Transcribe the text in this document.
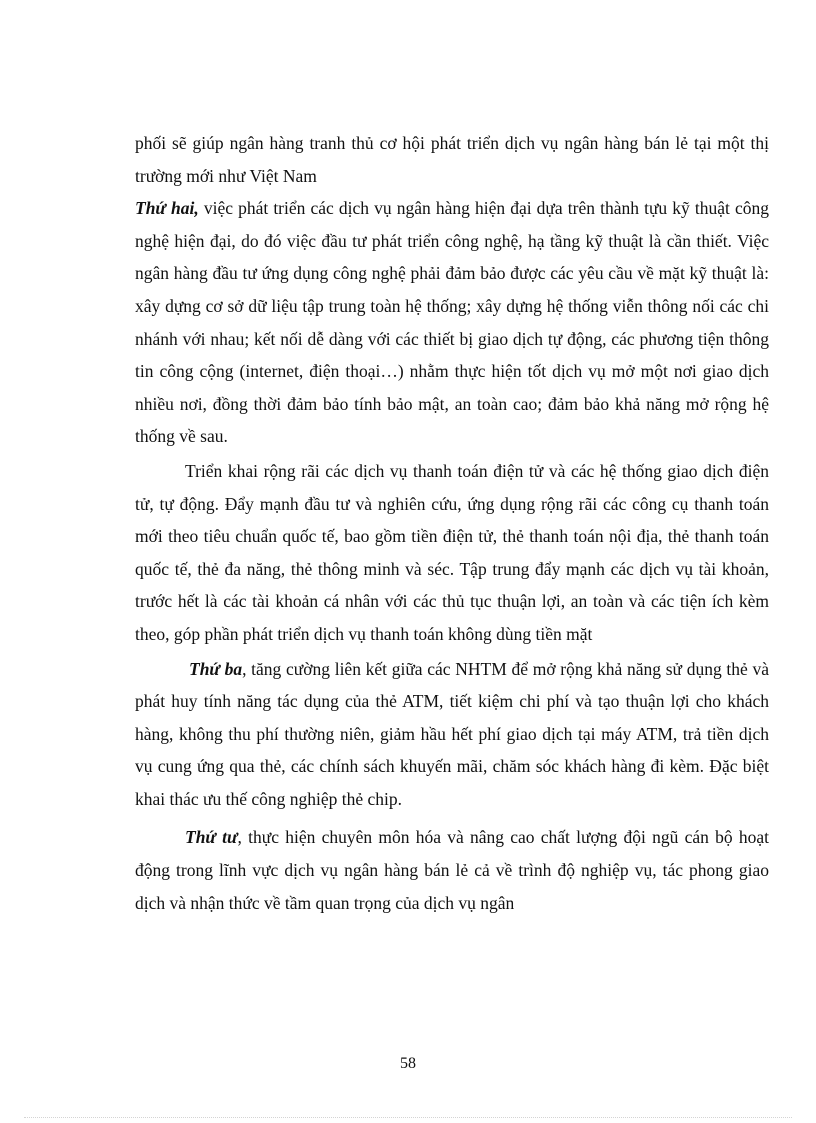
phối sẽ giúp ngân hàng tranh thủ cơ hội phát triển dịch vụ ngân hàng bán lẻ tại một thị trường mới như Việt Nam

Thứ hai, việc phát triển các dịch vụ ngân hàng hiện đại dựa trên thành tựu kỹ thuật công nghệ hiện đại, do đó việc đầu tư phát triển công nghệ, hạ tầng kỹ thuật là cần thiết. Việc ngân hàng đầu tư ứng dụng công nghệ phải đảm bảo được các yêu cầu về mặt kỹ thuật là: xây dựng cơ sở dữ liệu tập trung toàn hệ thống; xây dựng hệ thống viễn thông nối các chi nhánh với nhau; kết nối dễ dàng với các thiết bị giao dịch tự động, các phương tiện thông tin công cộng (internet, điện thoại…) nhằm thực hiện tốt dịch vụ mở một nơi giao dịch nhiều nơi, đồng thời đảm bảo tính bảo mật, an toàn cao; đảm bảo khả năng mở rộng hệ thống về sau.

Triển khai rộng rãi các dịch vụ thanh toán điện tử và các hệ thống giao dịch điện tử, tự động. Đẩy mạnh đầu tư và nghiên cứu, ứng dụng rộng rãi các công cụ thanh toán mới theo tiêu chuẩn quốc tế, bao gồm tiền điện tử, thẻ thanh toán nội địa, thẻ thanh toán quốc tế, thẻ đa năng, thẻ thông minh và séc. Tập trung đẩy mạnh các dịch vụ tài khoản, trước hết là các tài khoản cá nhân với các thủ tục thuận lợi, an toàn và các tiện ích kèm theo, góp phần phát triển dịch vụ thanh toán không dùng tiền mặt

Thứ ba, tăng cường liên kết giữa các NHTM để mở rộng khả năng sử dụng thẻ và phát huy tính năng tác dụng của thẻ ATM, tiết kiệm chi phí và tạo thuận lợi cho khách hàng, không thu phí thường niên, giảm hầu hết phí giao dịch tại máy ATM, trả tiền dịch vụ cung ứng qua thẻ, các chính sách khuyến mãi, chăm sóc khách hàng đi kèm. Đặc biệt khai thác ưu thế công nghiệp thẻ chip.

Thứ tư, thực hiện chuyên môn hóa và nâng cao chất lượng đội ngũ cán bộ hoạt động trong lĩnh vực dịch vụ ngân hàng bán lẻ cả về trình độ nghiệp vụ, tác phong giao dịch và nhận thức về tầm quan trọng của dịch vụ ngân

58
